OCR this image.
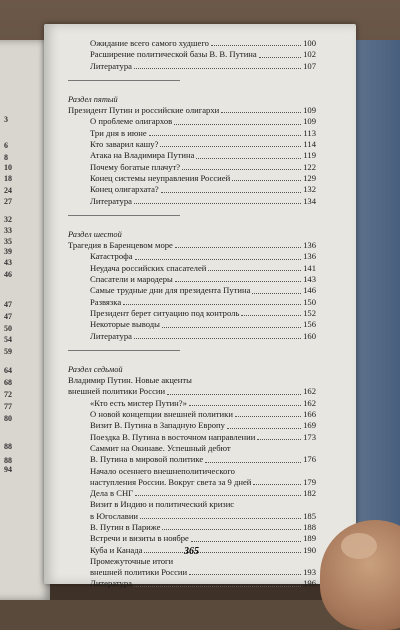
3
6
8
10
18
24
27
32
33
35
39
43
46
47
47
50
54
59
64
68
72
77
80
88
88
94
Ожидание всего самого худшего	100
Расширение политической базы В. В. Путина	102
Литература	107
Раздел пятый
Президент Путин и российские олигархи	109
О проблеме олигархов	109
Три дня в июне	113
Кто заварил кашу?	114
Атака на Владимира Путина	119
Почему богатые плачут?	122
Конец системы неуправления Россией	129
Конец олигархата?	132
Литература	134
Раздел шестой
Трагедия в Баренцевом море	136
Катастрофа	136
Неудача российских спасателей	141
Спасатели и мародеры	143
Самые трудные дни для президента Путина	146
Развязка	150
Президент берет ситуацию под контроль	152
Некоторые выводы	156
Литература	160
Раздел седьмой
Владимир Путин. Новые акценты
внешней политики России	162
«Кто есть мистер Путин?»	162
О новой концепции внешней политики	166
Визит В. Путина в Западную Европу	169
Поездка В. Путина в восточном направлении	173
Саммит на Окинаве. Успешный дебют
В. Путина в мировой политике	176
Начало осеннего внешнеполитического
наступления России. Вокруг света за 9 дней	179
Дела в СНГ	182
Визит в Индию и политический кризис
в Югославии	185
В. Путин в Париже	188
Встречи и визиты в ноябре	189
Куба и Канада	190
Промежуточные итоги
внешней политики России	193
Литература	196
365
